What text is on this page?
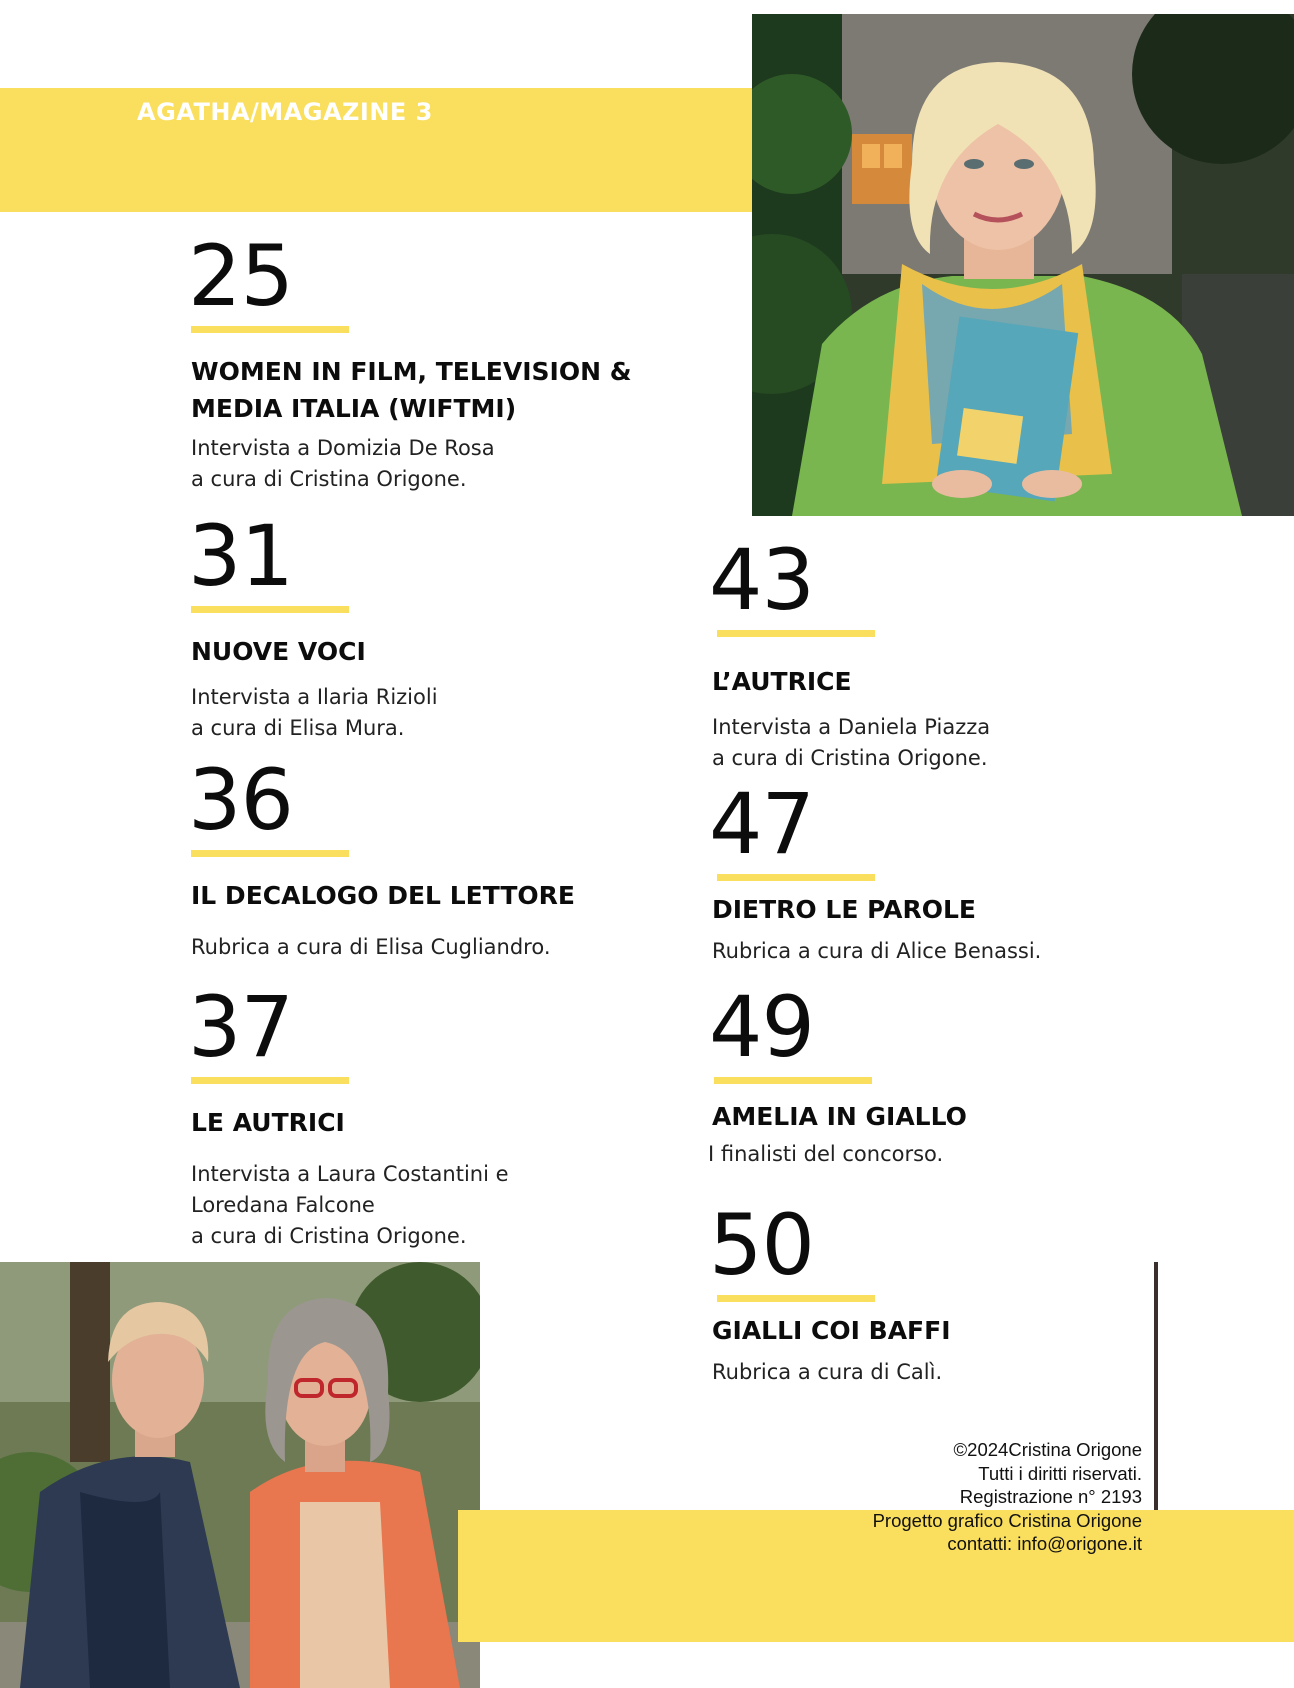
AGATHA/MAGAZINE 3
25
WOMEN IN FILM, TELEVISION & MEDIA ITALIA (WIFTMI)
Intervista a Domizia De Rosa
a cura di Cristina Origone.
31
NUOVE VOCI
Intervista a Ilaria Rizioli
a cura di Elisa Mura.
36
IL DECALOGO DEL LETTORE
Rubrica a cura di Elisa Cugliandro.
37
LE AUTRICI
Intervista a Laura Costantini e
Loredana Falcone
a cura di Cristina Origone.
43
L’AUTRICE
Intervista a Daniela Piazza
a cura di Cristina Origone.
47
DIETRO LE PAROLE
Rubrica a cura di Alice Benassi.
49
AMELIA IN GIALLO
I finalisti del concorso.
50
GIALLI COI BAFFI
Rubrica a cura di Calì.
©2024Cristina Origone
Tutti i diritti riservati.
Registrazione n° 2193
Progetto grafico Cristina Origone
contatti: info@origone.it
